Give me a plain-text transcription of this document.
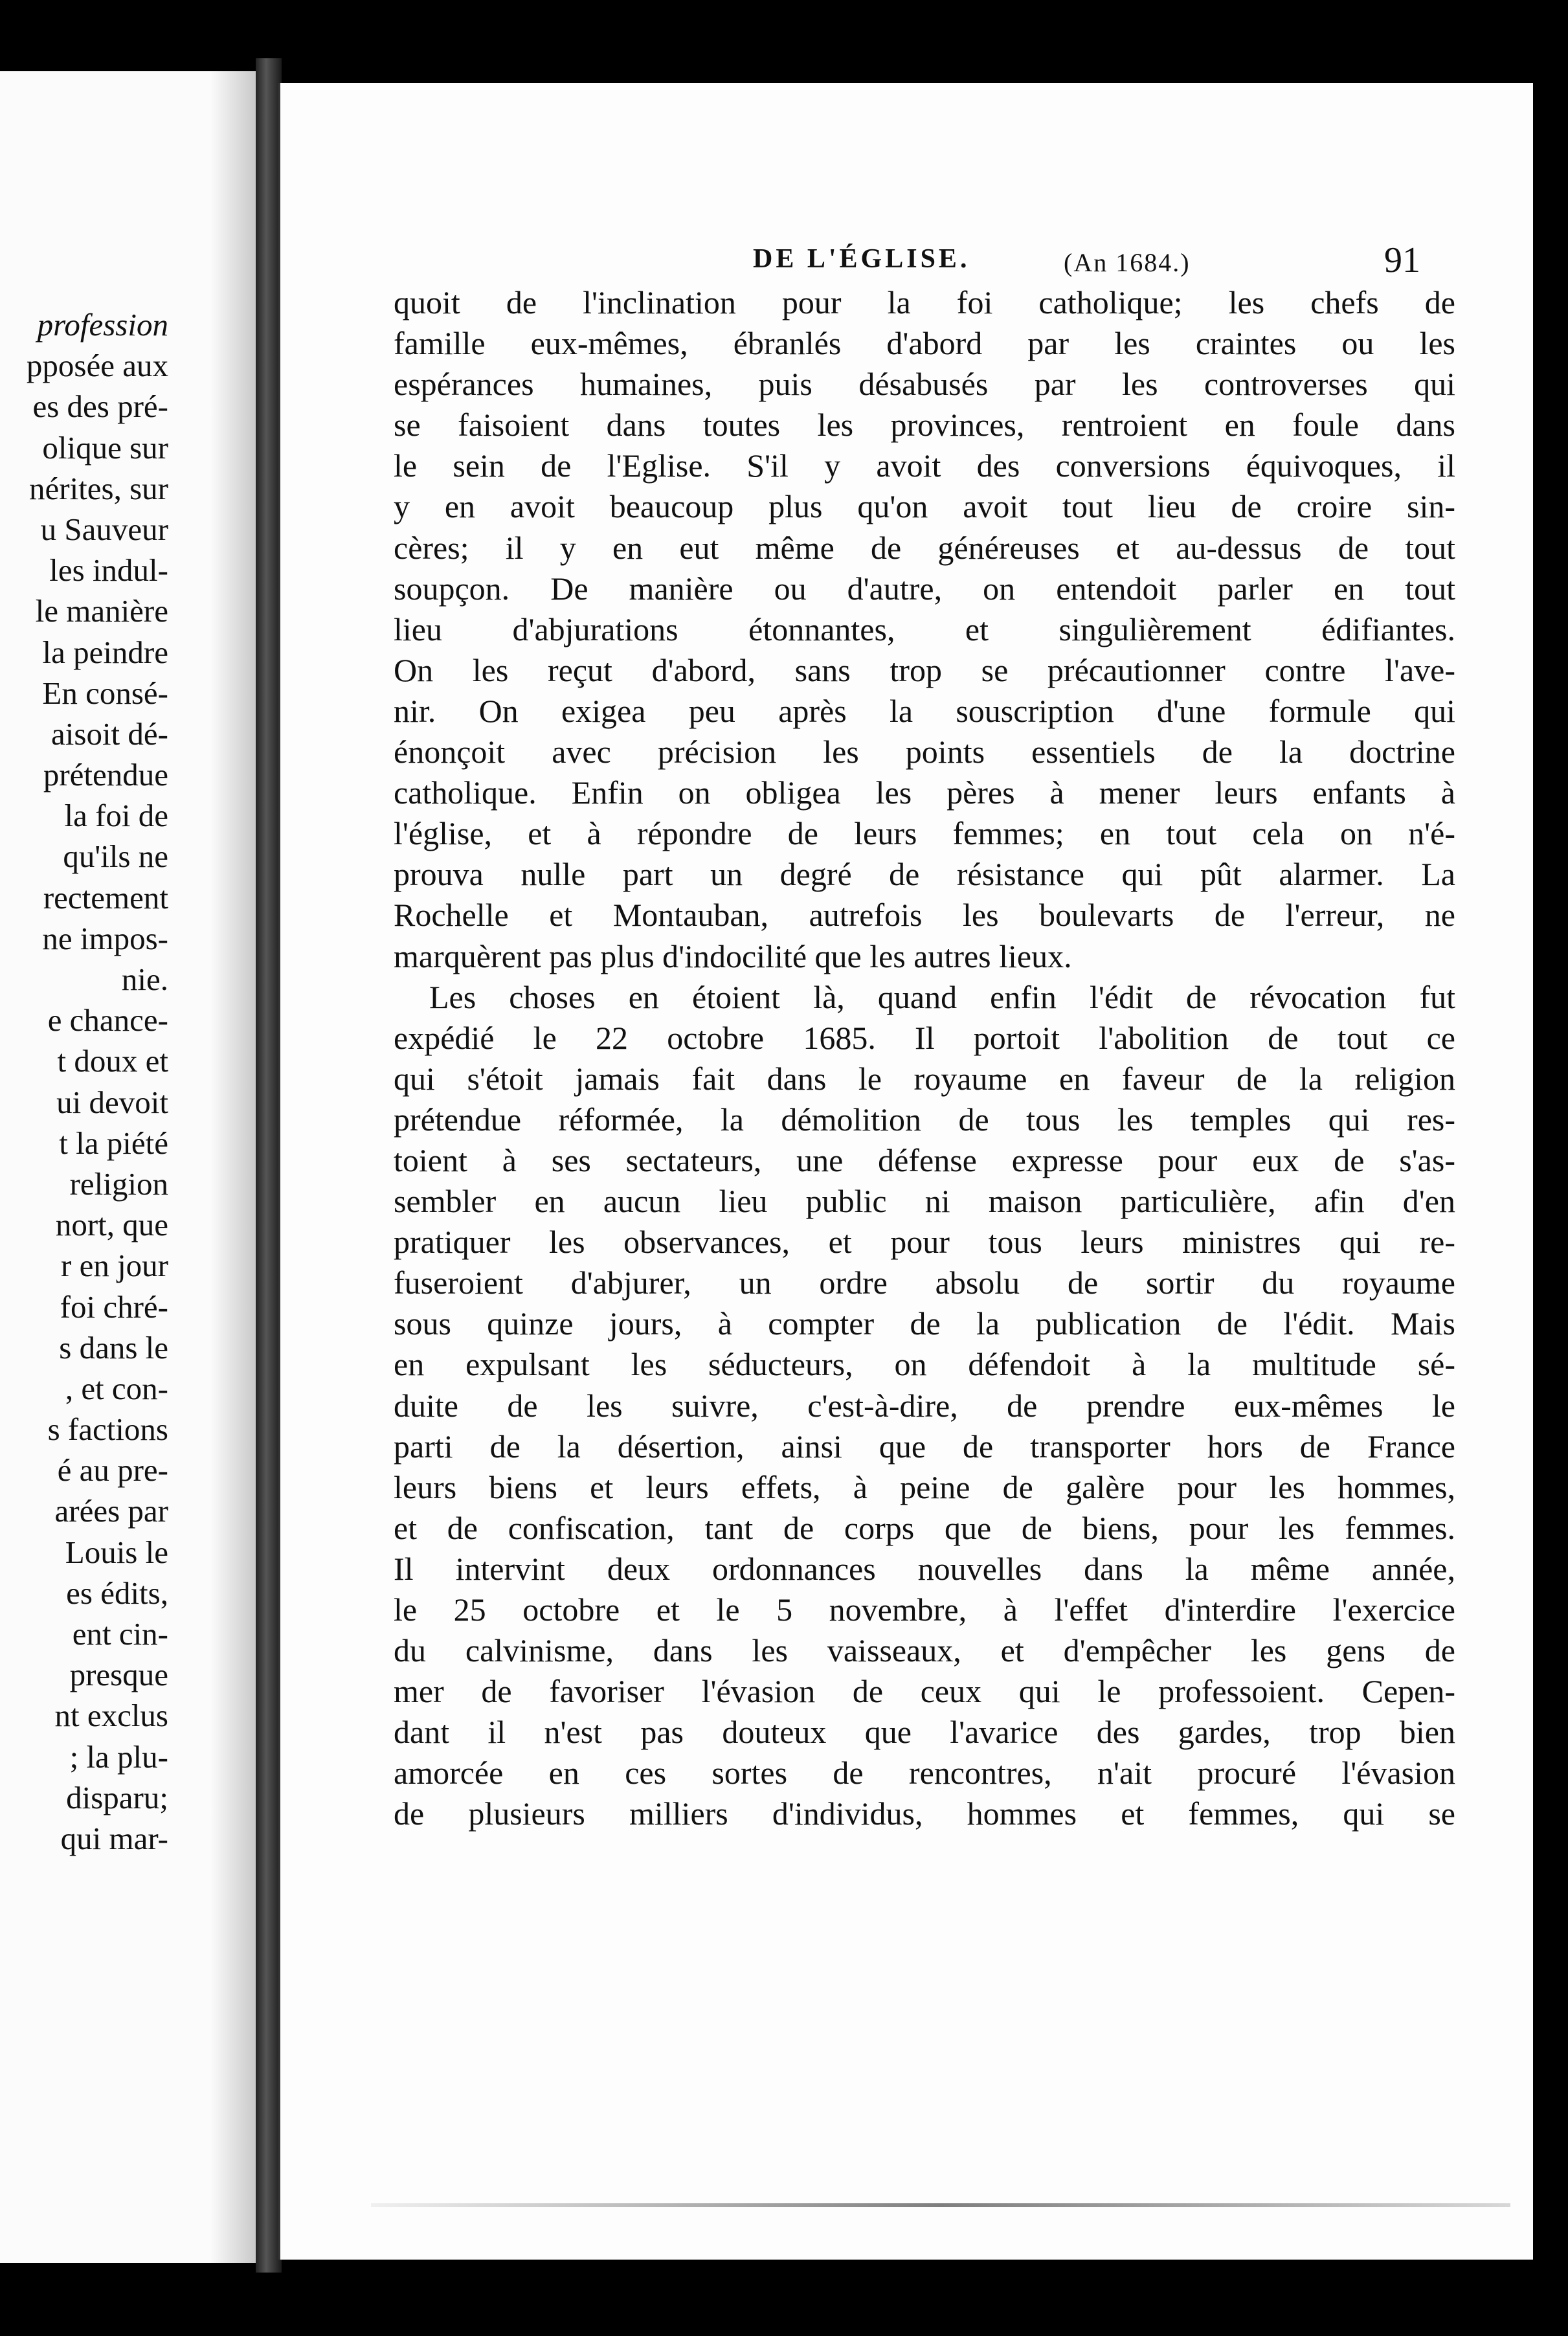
profession
pposée aux
es des pré-
olique sur
nérites, sur
u Sauveur
les indul-
le manière
la peindre
En consé-
aisoit dé-
prétendue
la foi de
qu'ils ne
rectement
ne impos-
nie.
e chance-
t doux et
ui devoit
t la piété
religion
nort, que
r en jour
foi chré-
s dans le
, et con-
s factions
é au pre-
arées par
Louis le
es édits,
ent cin-
presque
nt exclus
; la plu-
disparu;
qui mar-
DE L'ÉGLISE.	(An 1684.)	91
quoit de l'inclination pour la foi catholique; les chefs de
famille eux-mêmes, ébranlés d'abord par les craintes ou les
espérances humaines, puis désabusés par les controverses qui
se faisoient dans toutes les provinces, rentroient en foule dans
le sein de l'Eglise. S'il y avoit des conversions équivoques, il
y en avoit beaucoup plus qu'on avoit tout lieu de croire sin-
cères; il y en eut même de généreuses et au-dessus de tout
soupçon. De manière ou d'autre, on entendoit parler en tout
lieu d'abjurations étonnantes, et singulièrement édifiantes.
On les reçut d'abord, sans trop se précautionner contre l'ave-
nir. On exigea peu après la souscription d'une formule qui
énonçoit avec précision les points essentiels de la doctrine
catholique. Enfin on obligea les pères à mener leurs enfants à
l'église, et à répondre de leurs femmes; en tout cela on n'é-
prouva nulle part un degré de résistance qui pût alarmer. La
Rochelle et Montauban, autrefois les boulevarts de l'erreur, ne
marquèrent pas plus d'indocilité que les autres lieux.
Les choses en étoient là, quand enfin l'édit de révocation fut
expédié le 22 octobre 1685. Il portoit l'abolition de tout ce
qui s'étoit jamais fait dans le royaume en faveur de la religion
prétendue réformée, la démolition de tous les temples qui res-
toient à ses sectateurs, une défense expresse pour eux de s'as-
sembler en aucun lieu public ni maison particulière, afin d'en
pratiquer les observances, et pour tous leurs ministres qui re-
fuseroient d'abjurer, un ordre absolu de sortir du royaume
sous quinze jours, à compter de la publication de l'édit. Mais
en expulsant les séducteurs, on défendoit à la multitude sé-
duite de les suivre, c'est-à-dire, de prendre eux-mêmes le
parti de la désertion, ainsi que de transporter hors de France
leurs biens et leurs effets, à peine de galère pour les hommes,
et de confiscation, tant de corps que de biens, pour les femmes.
Il intervint deux ordonnances nouvelles dans la même année,
le 25 octobre et le 5 novembre, à l'effet d'interdire l'exercice
du calvinisme, dans les vaisseaux, et d'empêcher les gens de
mer de favoriser l'évasion de ceux qui le professoient. Cepen-
dant il n'est pas douteux que l'avarice des gardes, trop bien
amorcée en ces sortes de rencontres, n'ait procuré l'évasion
de plusieurs milliers d'individus, hommes et femmes, qui se
